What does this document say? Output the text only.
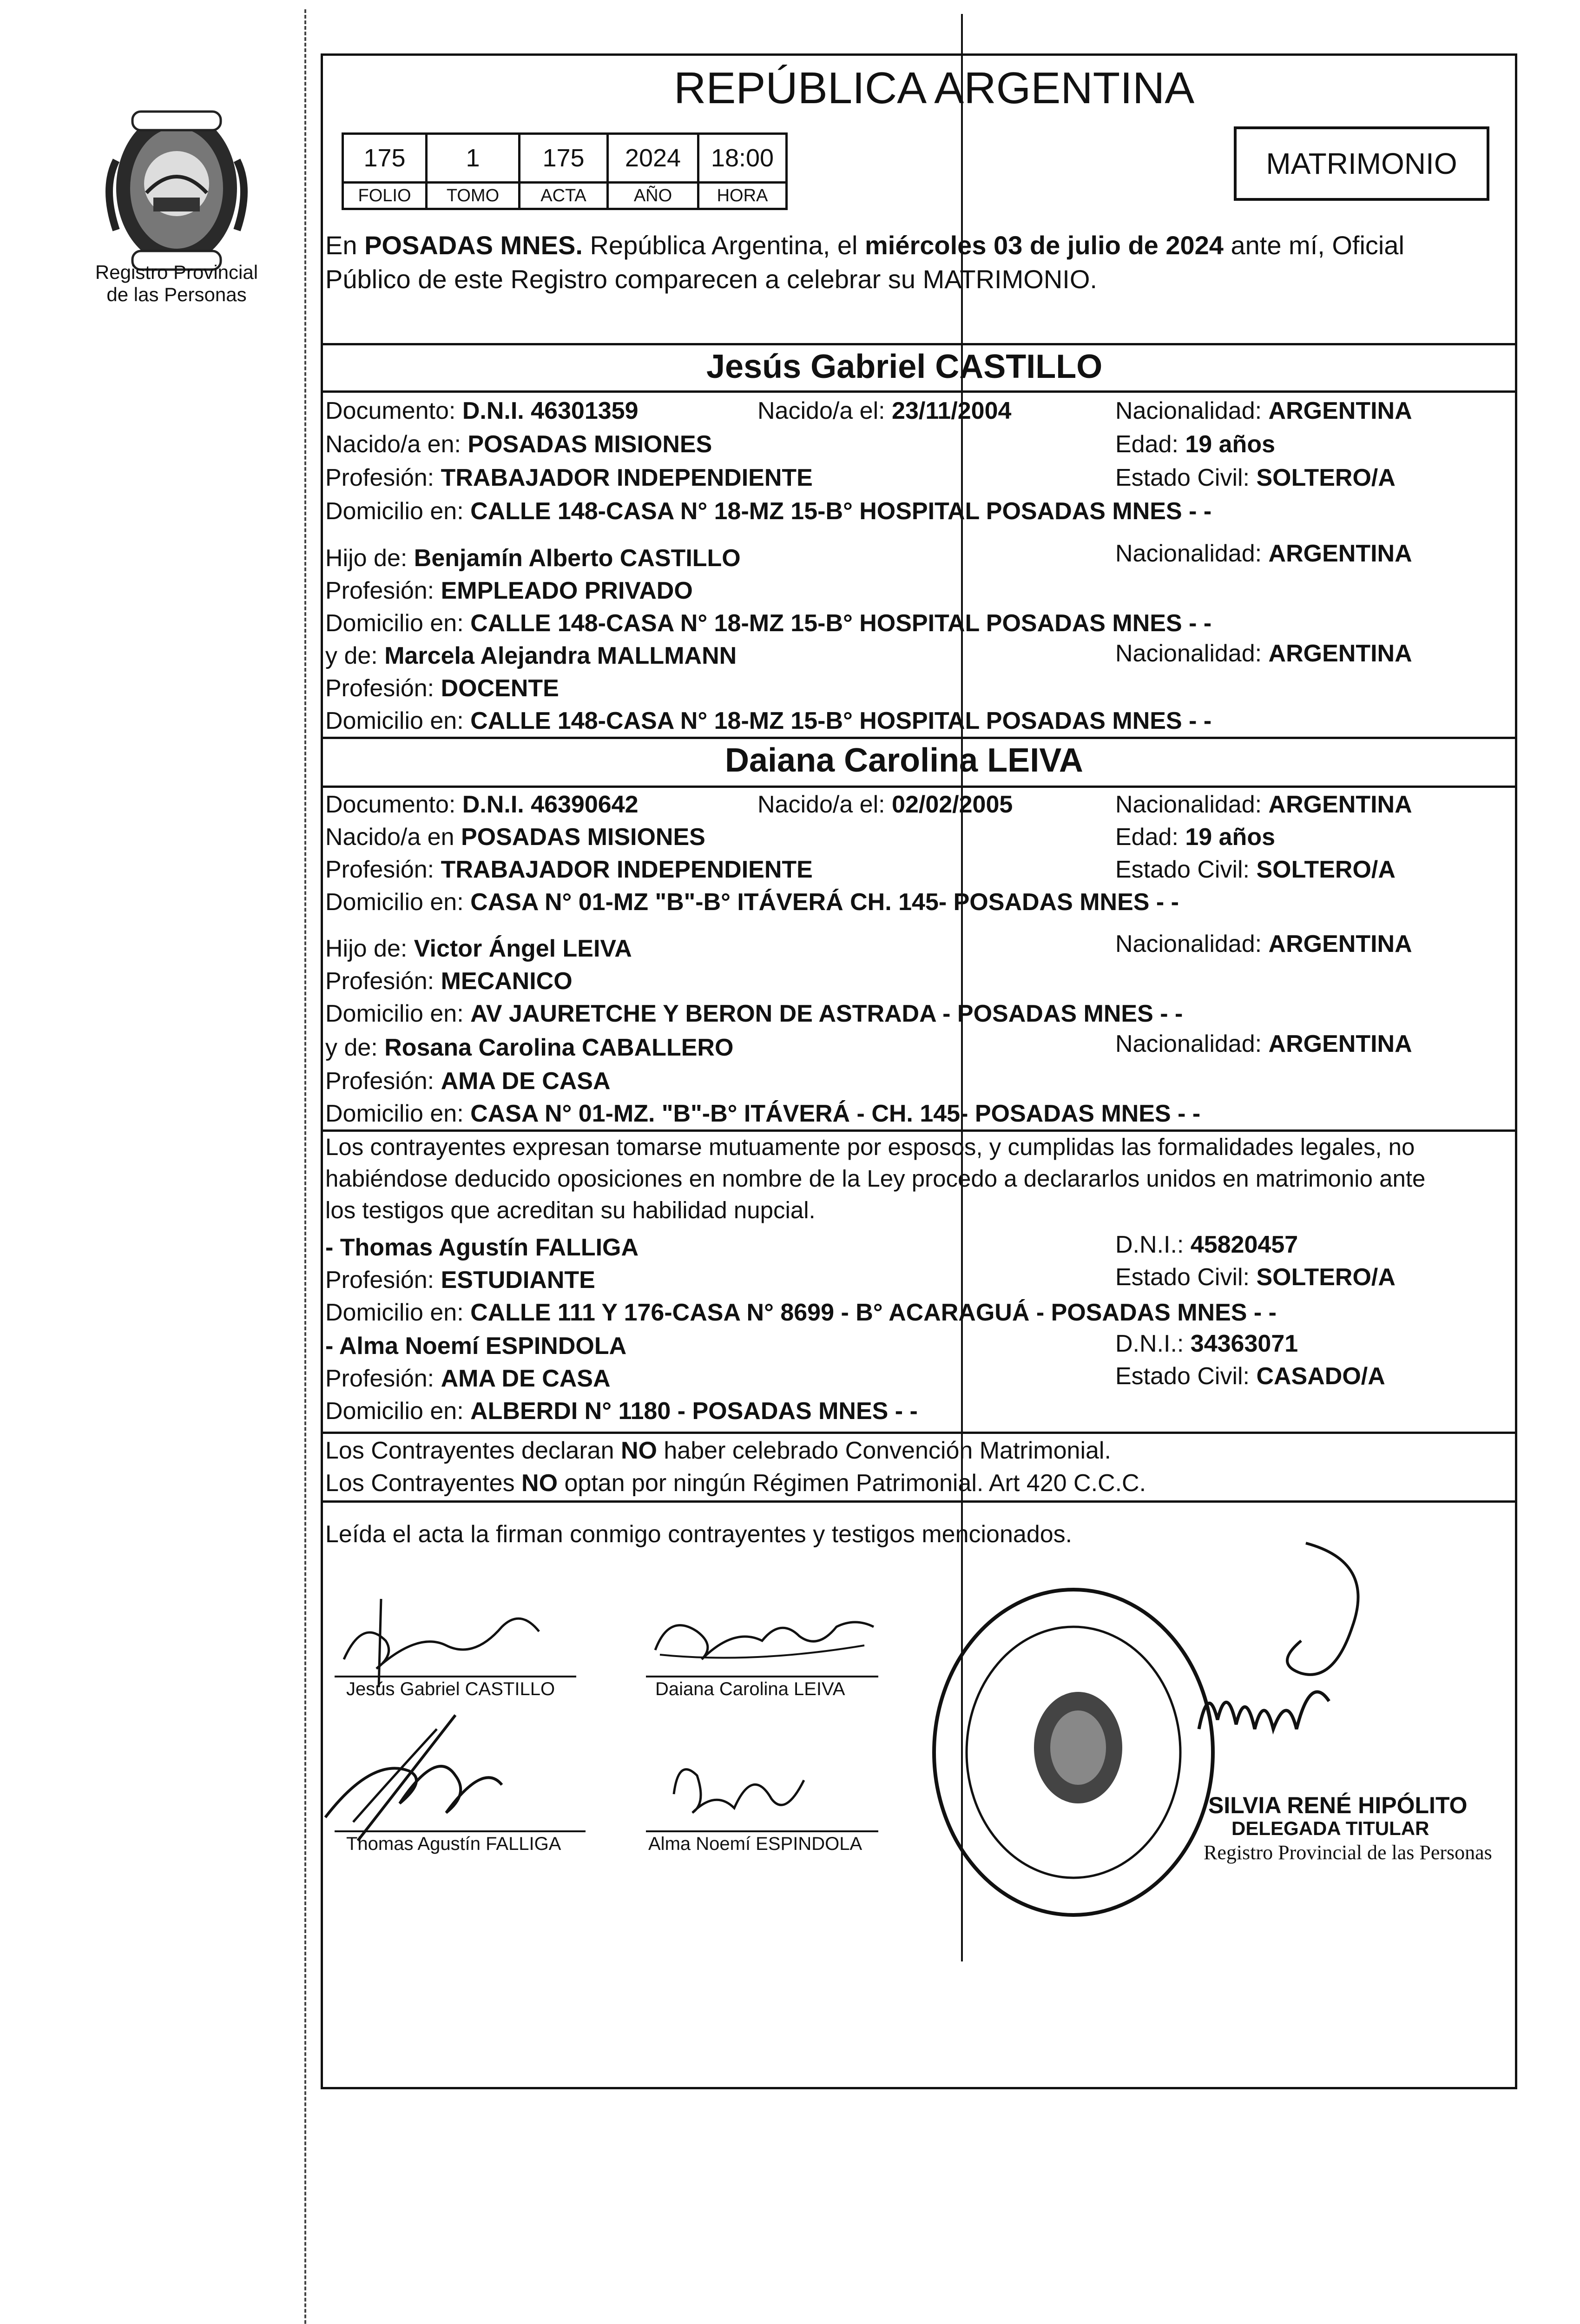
Registro Provincial
de las Personas
REPÚBLICA ARGENTINA
175	1	175	2024	18:00
FOLIO	TOMO	ACTA	AÑO	HORA
MATRIMONIO
En POSADAS MNES. República Argentina, el miércoles 03 de julio de 2024 ante mí, Oficial
Público de este Registro comparecen a celebrar su MATRIMONIO.
Jesús Gabriel CASTILLO
Documento: D.N.I. 46301359	Nacido/a el: 23/11/2004	Nacionalidad: ARGENTINA
Nacido/a en: POSADAS MISIONES	Edad: 19 años
Profesión: TRABAJADOR INDEPENDIENTE	Estado Civil: SOLTERO/A
Domicilio en: CALLE 148-CASA N° 18-MZ 15-B° HOSPITAL POSADAS MNES - -
Hijo de: Benjamín Alberto CASTILLO	Nacionalidad: ARGENTINA
Profesión: EMPLEADO PRIVADO
Domicilio en: CALLE 148-CASA N° 18-MZ 15-B° HOSPITAL POSADAS MNES - -
y de: Marcela Alejandra MALLMANN	Nacionalidad: ARGENTINA
Profesión: DOCENTE
Domicilio en: CALLE 148-CASA N° 18-MZ 15-B° HOSPITAL POSADAS MNES - -
Daiana Carolina LEIVA
Documento: D.N.I. 46390642	Nacido/a el: 02/02/2005	Nacionalidad: ARGENTINA
Nacido/a en POSADAS MISIONES	Edad: 19 años
Profesión: TRABAJADOR INDEPENDIENTE	Estado Civil: SOLTERO/A
Domicilio en: CASA N° 01-MZ "B"-B° ITÁVERÁ CH. 145- POSADAS MNES - -
Hijo de: Victor Ángel LEIVA	Nacionalidad: ARGENTINA
Profesión: MECANICO
Domicilio en: AV JAURETCHE Y BERON DE ASTRADA - POSADAS MNES - -
y de: Rosana Carolina CABALLERO	Nacionalidad: ARGENTINA
Profesión: AMA DE CASA
Domicilio en: CASA N° 01-MZ. "B"-B° ITÁVERÁ - CH. 145- POSADAS MNES - -
Los contrayentes expresan tomarse mutuamente por esposos, y cumplidas las formalidades legales, no
habiéndose deducido oposiciones en nombre de la Ley procedo a declararlos unidos en matrimonio ante
los testigos que acreditan su habilidad nupcial.
- Thomas Agustín FALLIGA	D.N.I.: 45820457
Profesión: ESTUDIANTE	Estado Civil: SOLTERO/A
Domicilio en: CALLE 111 Y 176-CASA N° 8699 - B° ACARAGUÁ - POSADAS MNES - -
- Alma Noemí ESPINDOLA	D.N.I.: 34363071
Profesión: AMA DE CASA	Estado Civil: CASADO/A
Domicilio en: ALBERDI N° 1180 - POSADAS MNES - -
Los Contrayentes declaran NO haber celebrado Convención Matrimonial.
Los Contrayentes NO optan por ningún Régimen Patrimonial. Art 420 C.C.C.
Leída el acta la firman conmigo contrayentes y testigos mencionados.
Jesús Gabriel CASTILLO	Daiana Carolina LEIVA
Thomas Agustín FALLIGA	Alma Noemí ESPINDOLA
SILVIA RENÉ HIPÓLITO
DELEGADA TITULAR
Registro Provincial de las Personas
